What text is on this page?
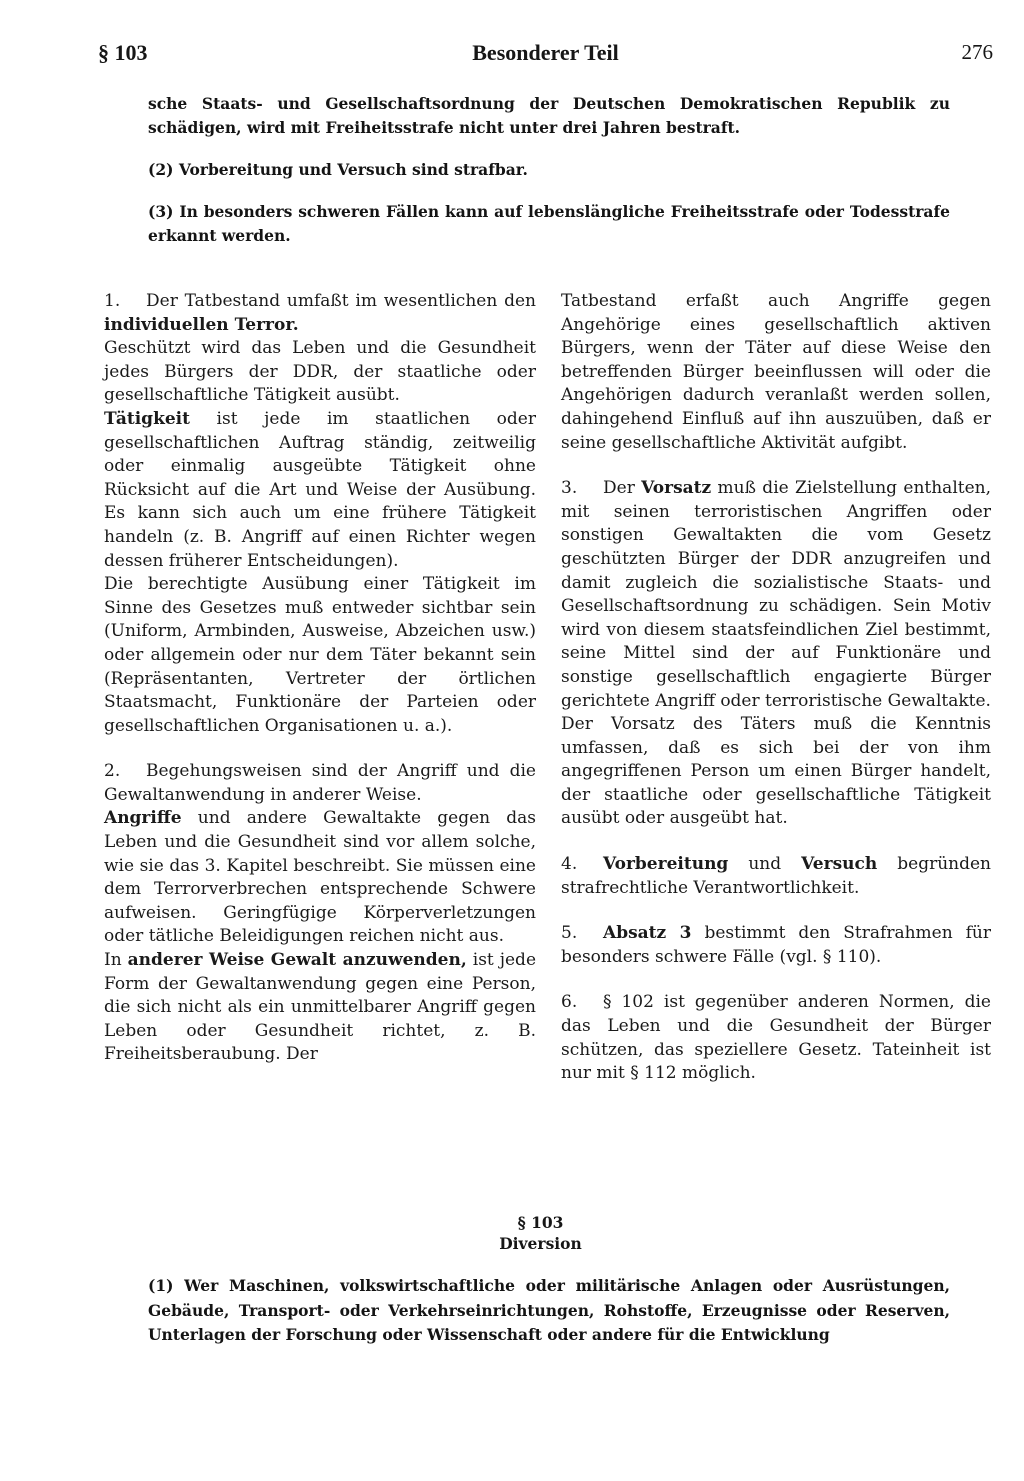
§ 103	Besonderer Teil	276

sche Staats- und Gesellschaftsordnung der Deutschen Demokratischen Republik zu schädigen, wird mit Freiheitsstrafe nicht unter drei Jahren bestraft.

(2) Vorbereitung und Versuch sind strafbar.

(3) In besonders schweren Fällen kann auf lebenslängliche Freiheitsstrafe oder Todesstrafe erkannt werden.

1. Der Tatbestand umfaßt im wesentlichen den individuellen Terror.

Geschützt wird das Leben und die Gesundheit jedes Bürgers der DDR, der staatliche oder gesellschaftliche Tätigkeit ausübt.

Tätigkeit ist jede im staatlichen oder gesellschaftlichen Auftrag ständig, zeitweilig oder einmalig ausgeübte Tätigkeit ohne Rücksicht auf die Art und Weise der Ausübung. Es kann sich auch um eine frühere Tätigkeit handeln (z. B. Angriff auf einen Richter wegen dessen früherer Entscheidungen).

Die berechtigte Ausübung einer Tätigkeit im Sinne des Gesetzes muß entweder sichtbar sein (Uniform, Armbinden, Ausweise, Abzeichen usw.) oder allgemein oder nur dem Täter bekannt sein (Repräsentanten, Vertreter der örtlichen Staatsmacht, Funktionäre der Parteien oder gesellschaftlichen Organisationen u. a.).

2. Begehungsweisen sind der Angriff und die Gewaltanwendung in anderer Weise.

Angriffe und andere Gewaltakte gegen das Leben und die Gesundheit sind vor allem solche, wie sie das 3. Kapitel beschreibt. Sie müssen eine dem Terrorverbrechen entsprechende Schwere aufweisen. Geringfügige Körperverletzungen oder tätliche Beleidigungen reichen nicht aus.

In anderer Weise Gewalt anzuwenden, ist jede Form der Gewaltanwendung gegen eine Person, die sich nicht als ein unmittelbarer Angriff gegen Leben oder Gesundheit richtet, z. B. Freiheitsberaubung. Der

Tatbestand erfaßt auch Angriffe gegen Angehörige eines gesellschaftlich aktiven Bürgers, wenn der Täter auf diese Weise den betreffenden Bürger beeinflussen will oder die Angehörigen dadurch veranlaßt werden sollen, dahingehend Einfluß auf ihn auszuüben, daß er seine gesellschaftliche Aktivität aufgibt.

3. Der Vorsatz muß die Zielstellung enthalten, mit seinen terroristischen Angriffen oder sonstigen Gewaltakten die vom Gesetz geschützten Bürger der DDR anzugreifen und damit zugleich die sozialistische Staats- und Gesellschaftsordnung zu schädigen. Sein Motiv wird von diesem staatsfeindlichen Ziel bestimmt, seine Mittel sind der auf Funktionäre und sonstige gesellschaftlich engagierte Bürger gerichtete Angriff oder terroristische Gewaltakte.

Der Vorsatz des Täters muß die Kenntnis umfassen, daß es sich bei der von ihm angegriffenen Person um einen Bürger handelt, der staatliche oder gesellschaftliche Tätigkeit ausübt oder ausgeübt hat.

4. Vorbereitung und Versuch begründen strafrechtliche Verantwortlichkeit.

5. Absatz 3 bestimmt den Strafrahmen für besonders schwere Fälle (vgl. § 110).

6. § 102 ist gegenüber anderen Normen, die das Leben und die Gesundheit der Bürger schützen, das speziellere Gesetz. Tateinheit ist nur mit § 112 möglich.

§ 103
Diversion

(1) Wer Maschinen, volkswirtschaftliche oder militärische Anlagen oder Ausrüstungen, Gebäude, Transport- oder Verkehrseinrichtungen, Rohstoffe, Erzeugnisse oder Reserven, Unterlagen der Forschung oder Wissenschaft oder andere für die Entwicklung
